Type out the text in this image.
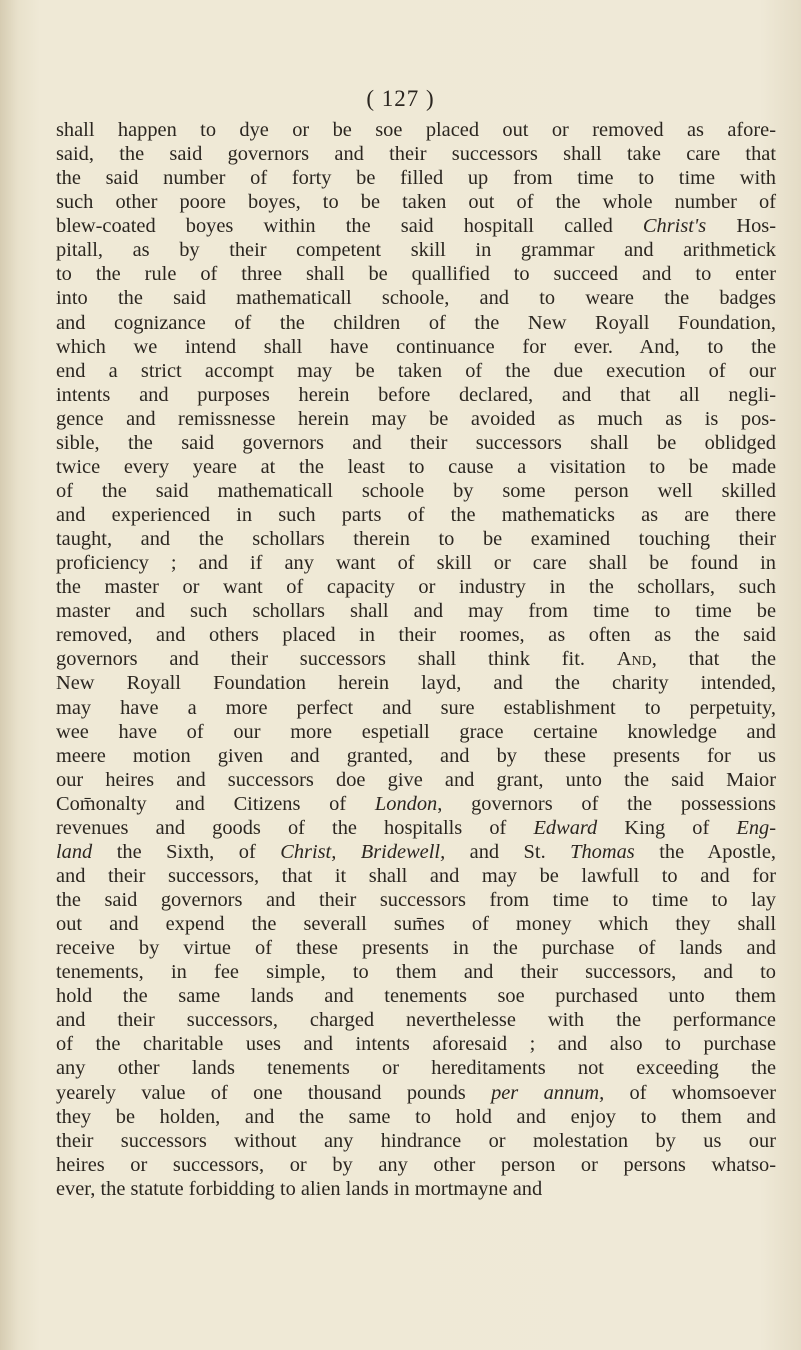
( 127 )
shall happen to dye or be soe placed out or removed as afore-
said, the said governors and their successors shall take care that
the said number of forty be filled up from time to time with
such other poore boyes, to be taken out of the whole number of
blew-coated boyes within the said hospitall called Christ's Hos-
pitall, as by their competent skill in grammar and arithmetick
to the rule of three shall be quallified to succeed and to enter
into the said mathematicall schoole, and to weare the badges
and cognizance of the children of the New Royall Foundation,
which we intend shall have continuance for ever. And, to the
end a strict accompt may be taken of the due execution of our
intents and purposes herein before declared, and that all negli-
gence and remissnesse herein may be avoided as much as is pos-
sible, the said governors and their successors shall be oblidged
twice every yeare at the least to cause a visitation to be made
of the said mathematicall schoole by some person well skilled
and experienced in such parts of the mathematicks as are there
taught, and the schollars therein to be examined touching their
proficiency ; and if any want of skill or care shall be found in
the master or want of capacity or industry in the schollars, such
master and such schollars shall and may from time to time be
removed, and others placed in their roomes, as often as the said
governors and their successors shall think fit. And, that the
New Royall Foundation herein layd, and the charity intended,
may have a more perfect and sure establishment to perpetuity,
wee have of our more espetiall grace certaine knowledge and
meere motion given and granted, and by these presents for us
our heires and successors doe give and grant, unto the said Maior
Com̄onalty and Citizens of London, governors of the possessions
revenues and goods of the hospitalls of Edward King of Eng-
land the Sixth, of Christ, Bridewell, and St. Thomas the Apostle,
and their successors, that it shall and may be lawfull to and for
the said governors and their successors from time to time to lay
out and expend the severall sum̄es of money which they shall
receive by virtue of these presents in the purchase of lands and
tenements, in fee simple, to them and their successors, and to
hold the same lands and tenements soe purchased unto them
and their successors, charged neverthelesse with the performance
of the charitable uses and intents aforesaid ; and also to purchase
any other lands tenements or hereditaments not exceeding the
yearely value of one thousand pounds per annum, of whomsoever
they be holden, and the same to hold and enjoy to them and
their successors without any hindrance or molestation by us our
heires or successors, or by any other person or persons whatso-
ever, the statute forbidding to alien lands in mortmayne and
